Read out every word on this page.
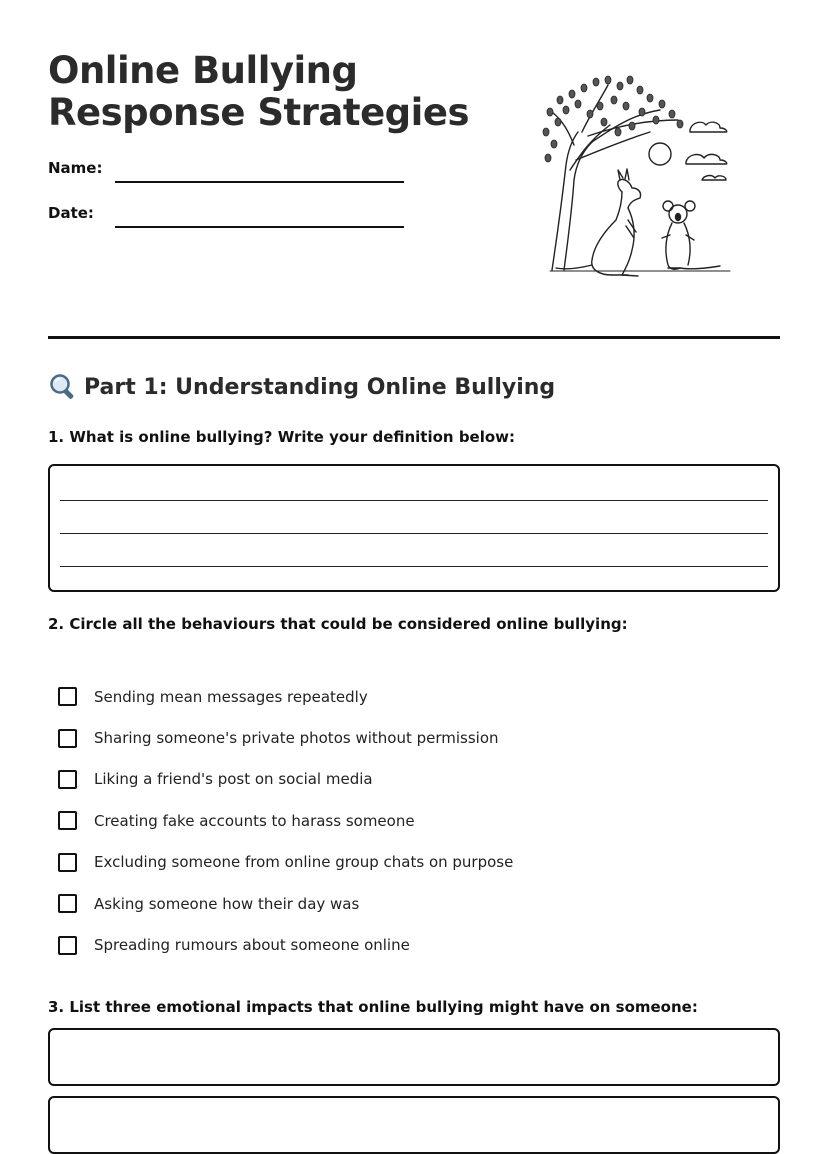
Online Bullying
Response Strategies
Name:
Date:
Part 1: Understanding Online Bullying

1. What is online bullying? Write your definition below:

2. Circle all the behaviours that could be considered online bullying:

Sending mean messages repeatedly
Sharing someone's private photos without permission
Liking a friend's post on social media
Creating fake accounts to harass someone
Excluding someone from online group chats on purpose
Asking someone how their day was
Spreading rumours about someone online

3. List three emotional impacts that online bullying might have on someone:
